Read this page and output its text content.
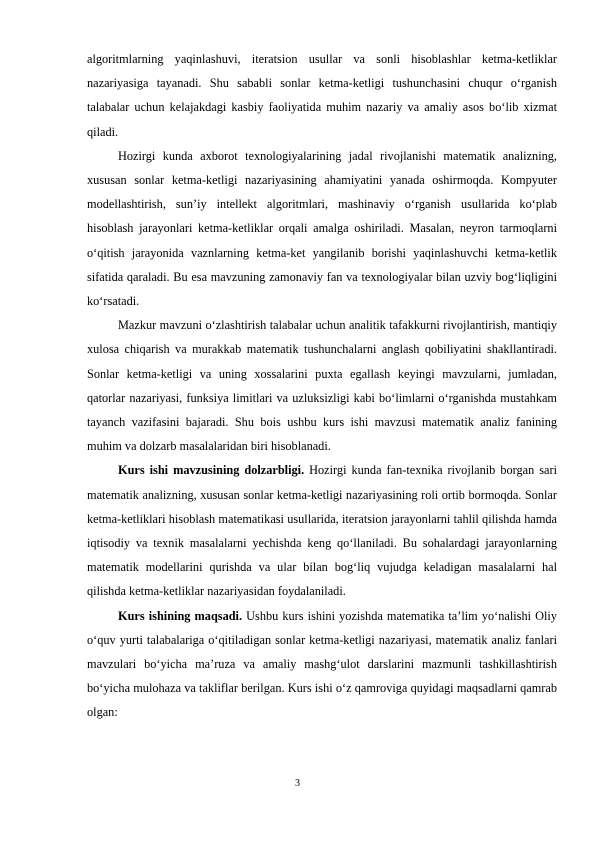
algoritmlarning yaqinlashuvi, iteratsion usullar va sonli hisoblashlar ketma-ketliklar nazariyasiga tayanadi. Shu sababli sonlar ketma-ketligi tushunchasini chuqur o‘rganish talabalar uchun kelajakdagi kasbiy faoliyatida muhim nazariy va amaliy asos bo‘lib xizmat qiladi.

Hozirgi kunda axborot texnologiyalarining jadal rivojlanishi matematik analizning, xususan sonlar ketma-ketligi nazariyasining ahamiyatini yanada oshirmoqda. Kompyuter modellashtirish, sun’iy intellekt algoritmlari, mashinaviy o‘rganish usullarida ko‘plab hisoblash jarayonlari ketma-ketliklar orqali amalga oshiriladi. Masalan, neyron tarmoqlarni o‘qitish jarayonida vaznlarning ketma-ket yangilanib borishi yaqinlashuvchi ketma-ketlik sifatida qaraladi. Bu esa mavzuning zamonaviy fan va texnologiyalar bilan uzviy bog‘liqligini ko‘rsatadi.

Mazkur mavzuni o‘zlashtirish talabalar uchun analitik tafakkurni rivojlantirish, mantiqiy xulosa chiqarish va murakkab matematik tushunchalarni anglash qobiliyatini shakllantiradi. Sonlar ketma-ketligi va uning xossalarini puxta egallash keyingi mavzularni, jumladan, qatorlar nazariyasi, funksiya limitlari va uzluksizligi kabi bo‘limlarni o‘rganishda mustahkam tayanch vazifasini bajaradi. Shu bois ushbu kurs ishi mavzusi matematik analiz fanining muhim va dolzarb masalalaridan biri hisoblanadi.

Kurs ishi mavzusining dolzarbligi. Hozirgi kunda fan-texnika rivojlanib borgan sari matematik analizning, xususan sonlar ketma-ketligi nazariyasining roli ortib bormoqda. Sonlar ketma-ketliklari hisoblash matematikasi usullarida, iteratsion jarayonlarni tahlil qilishda hamda iqtisodiy va texnik masalalarni yechishda keng qo‘llaniladi. Bu sohalardagi jarayonlarning matematik modellarini qurishda va ular bilan bog‘liq vujudga keladigan masalalarni hal qilishda ketma-ketliklar nazariyasidan foydalaniladi.

Kurs ishining maqsadi. Ushbu kurs ishini yozishda matematika ta’lim yo‘nalishi Oliy o‘quv yurti talabalariga o‘qitiladigan sonlar ketma-ketligi nazariyasi, matematik analiz fanlari mavzulari bo‘yicha ma’ruza va amaliy mashg‘ulot darslarini mazmunli tashkillashtirish bo‘yicha mulohaza va takliflar berilgan. Kurs ishi o‘z qamroviga quyidagi maqsadlarni qamrab olgan:

3
